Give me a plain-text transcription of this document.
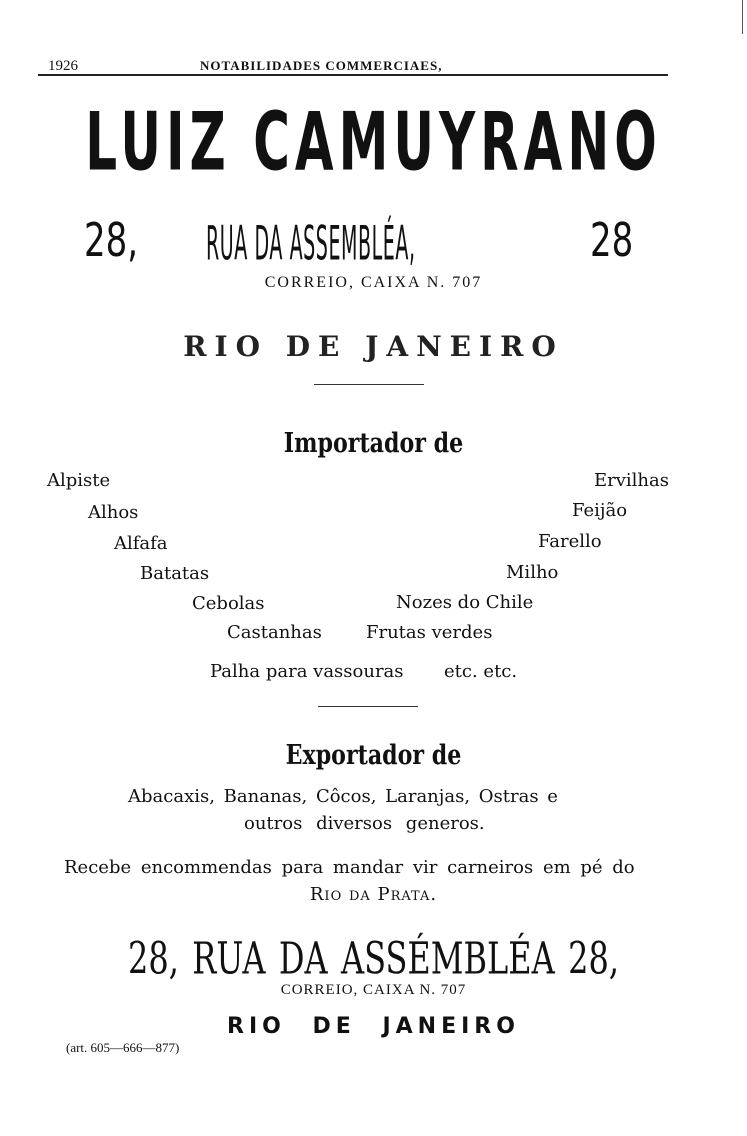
1926	NOTABILIDADES COMMERCIAES,
LUIZ CAMUYRANO
28, RUA DA ASSEMBLÉA,	28
CORREIO, CAIXA N. 707
RIO DE JANEIRO
Importador de
Alpiste
Alhos
Alfafa
Batatas
Cebolas
Castanhas
Ervilhas
Feijão
Farello
Milho
Nozes do Chile
Frutas verdes
Palha para vassouras etc. etc.
Exportador de
Abacaxis, Bananas, Côcos, Laranjas, Ostras e
outros diversos generos.
Recebe encommendas para mandar vir carneiros em pé do
Rio da Prata.
28, RUA DA ASSÉMBLÉA 28,
CORREIO, CAIXA N. 707
RIO DE JANEIRO
(art. 605—666—877)
